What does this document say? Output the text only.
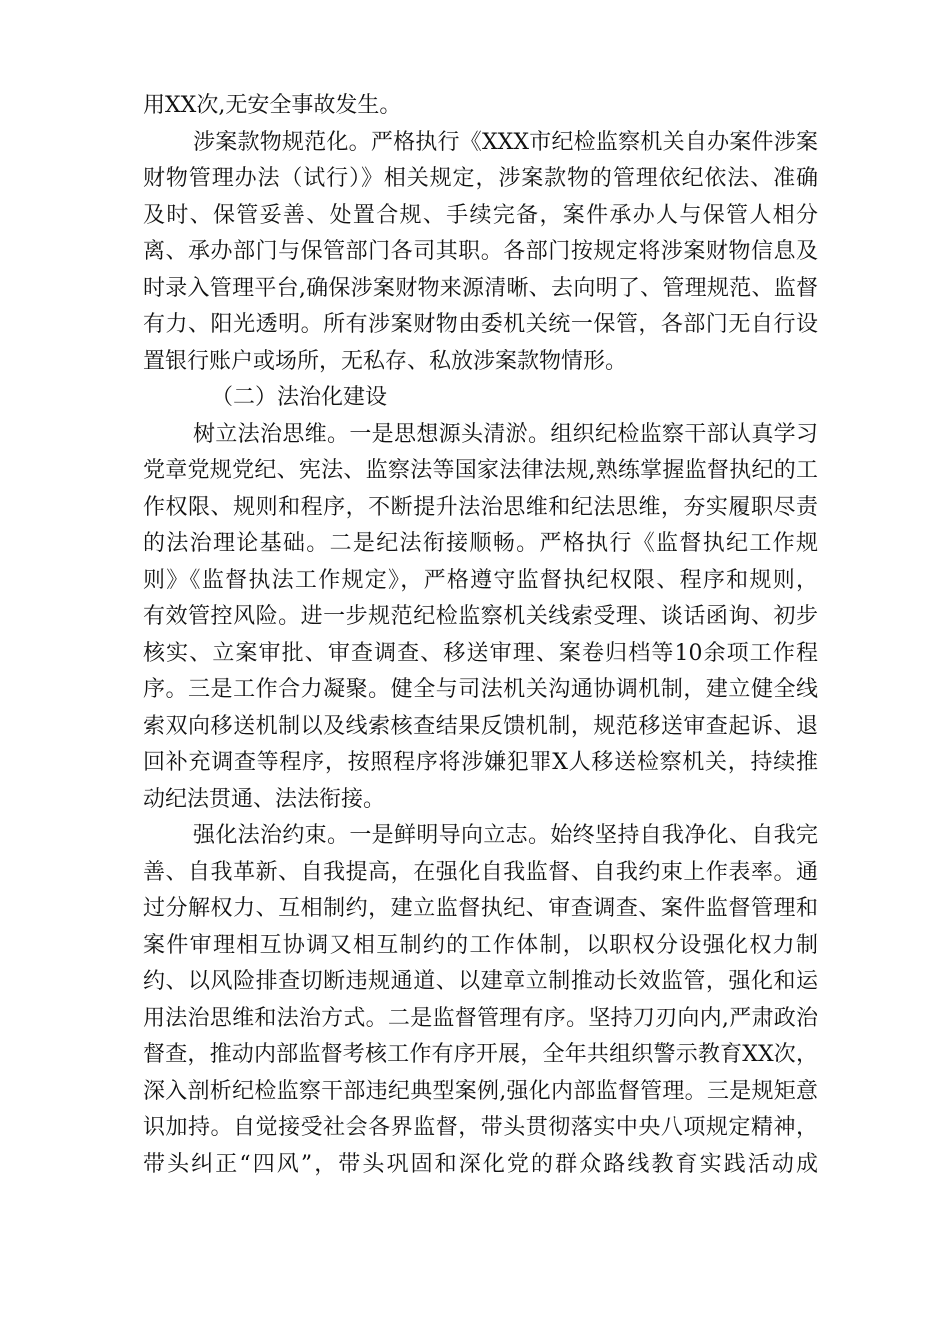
用XX次,无安全事故发生。
涉案款物规范化。严格执行《XXX市纪检监察机关自办案件涉案
财物管理办法（试行）》相关规定，涉案款物的管理依纪依法、准确
及时、保管妥善、处置合规、手续完备，案件承办人与保管人相分
离、承办部门与保管部门各司其职。各部门按规定将涉案财物信息及
时录入管理平台,确保涉案财物来源清晰、去向明了、管理规范、监督
有力、阳光透明。所有涉案财物由委机关统一保管，各部门无自行设
置银行账户或场所，无私存、私放涉案款物情形。
（二）法治化建设
树立法治思维。一是思想源头清淤。组织纪检监察干部认真学习
党章党规党纪、宪法、监察法等国家法律法规,熟练掌握监督执纪的工
作权限、规则和程序，不断提升法治思维和纪法思维，夯实履职尽责
的法治理论基础。二是纪法衔接顺畅。严格执行《监督执纪工作规
则》《监督执法工作规定》，严格遵守监督执纪权限、程序和规则，
有效管控风险。进一步规范纪检监察机关线索受理、谈话函询、初步
核实、立案审批、审查调查、移送审理、案卷归档等10余项工作程
序。三是工作合力凝聚。健全与司法机关沟通协调机制，建立健全线
索双向移送机制以及线索核查结果反馈机制，规范移送审查起诉、退
回补充调查等程序，按照程序将涉嫌犯罪X人移送检察机关，持续推
动纪法贯通、法法衔接。
强化法治约束。一是鲜明导向立志。始终坚持自我净化、自我完
善、自我革新、自我提高，在强化自我监督、自我约束上作表率。通
过分解权力、互相制约，建立监督执纪、审查调查、案件监督管理和
案件审理相互协调又相互制约的工作体制，以职权分设强化权力制
约、以风险排查切断违规通道、以建章立制推动长效监管，强化和运
用法治思维和法治方式。二是监督管理有序。坚持刀刃向内,严肃政治
督查，推动内部监督考核工作有序开展，全年共组织警示教育XX次，
深入剖析纪检监察干部违纪典型案例,强化内部监督管理。三是规矩意
识加持。自觉接受社会各界监督，带头贯彻落实中央八项规定精神，
带头纠正“四风”，带头巩固和深化党的群众路线教育实践活动成
